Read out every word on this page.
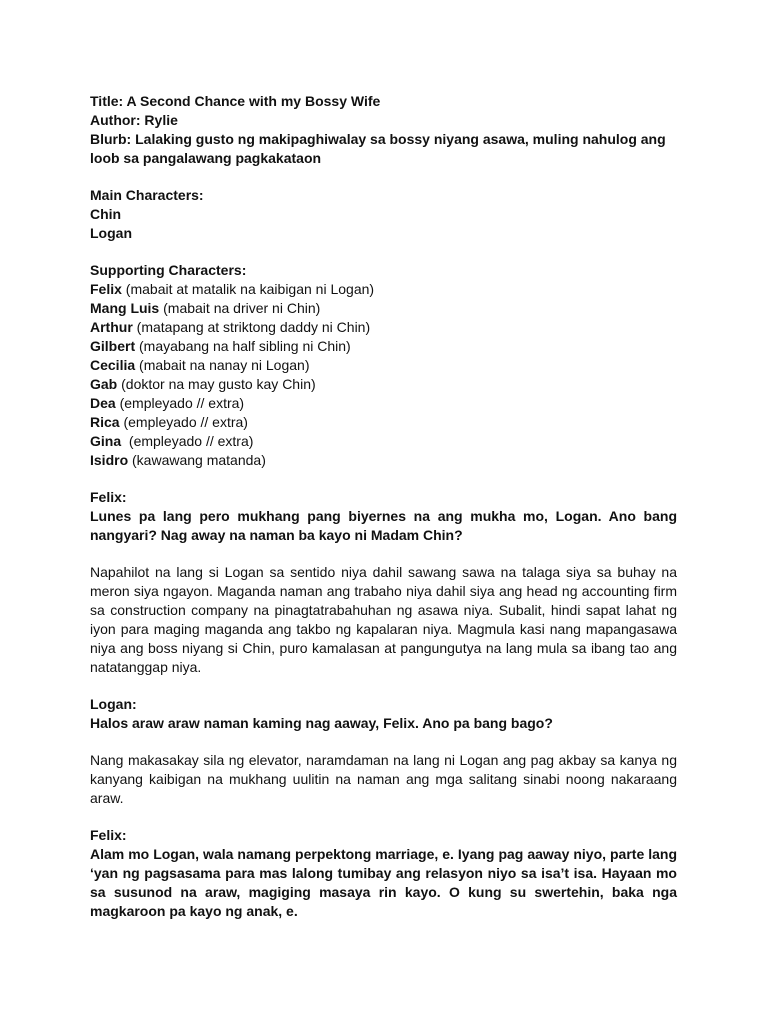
Title: A Second Chance with my Bossy Wife
Author: Rylie
Blurb: Lalaking gusto ng makipaghiwalay sa bossy niyang asawa, muling nahulog ang loob sa pangalawang pagkakataon
Main Characters:
Chin
Logan
Supporting Characters:
Felix (mabait at matalik na kaibigan ni Logan)
Mang Luis (mabait na driver ni Chin)
Arthur (matapang at striktong daddy ni Chin)
Gilbert (mayabang na half sibling ni Chin)
Cecilia (mabait na nanay ni Logan)
Gab (doktor na may gusto kay Chin)
Dea (empleyado // extra)
Rica (empleyado // extra)
Gina  (empleyado // extra)
Isidro (kawawang matanda)
Felix:
Lunes pa lang pero mukhang pang biyernes na ang mukha mo, Logan. Ano bang nangyari? Nag away na naman ba kayo ni Madam Chin?
Napahilot na lang si Logan sa sentido niya dahil sawang sawa na talaga siya sa buhay na meron siya ngayon. Maganda naman ang trabaho niya dahil siya ang head ng accounting firm sa construction company na pinagtatrabahuhan ng asawa niya. Subalit, hindi sapat lahat ng iyon para maging maganda ang takbo ng kapalaran niya. Magmula kasi nang mapangasawa niya ang boss niyang si Chin, puro kamalasan at pangungutya na lang mula sa ibang tao ang natatanggap niya.
Logan:
Halos araw araw naman kaming nag aaway, Felix. Ano pa bang bago?
Nang makasakay sila ng elevator, naramdaman na lang ni Logan ang pag akbay sa kanya ng kanyang kaibigan na mukhang uulitin na naman ang mga salitang sinabi noong nakaraang araw.
Felix:
Alam mo Logan, wala namang perpektong marriage, e. Iyang pag aaway niyo, parte lang ‘yan ng pagsasama para mas lalong tumibay ang relasyon niyo sa isa’t isa. Hayaan mo sa susunod na araw, magiging masaya rin kayo. O kung su swertehin, baka nga magkaroon pa kayo ng anak, e.
